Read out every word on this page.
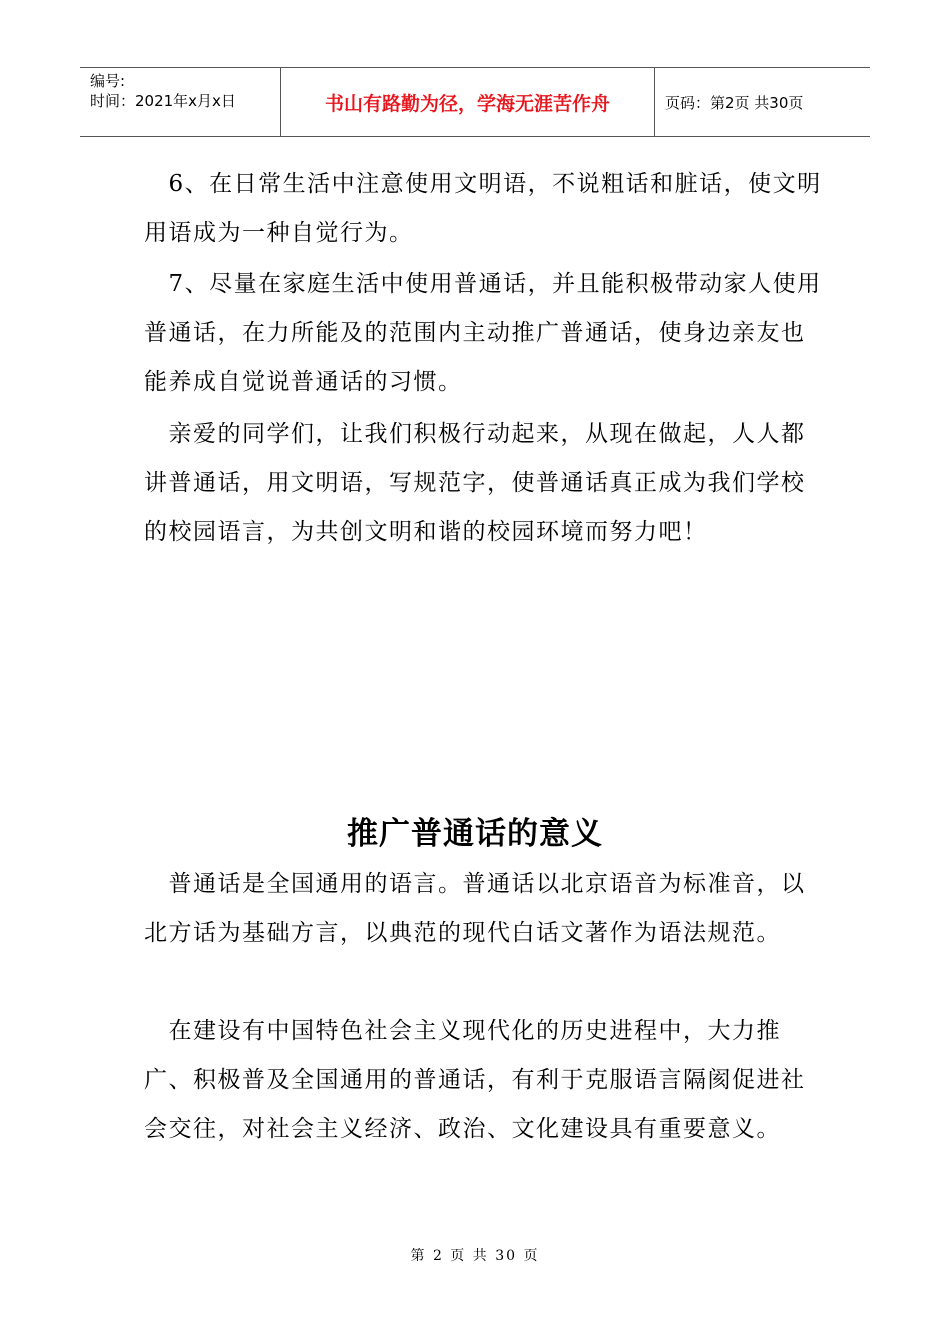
编号:
时间：2021年x月x日	书山有路勤为径，学海无涯苦作舟	页码：第2页 共30页

　6、在日常生活中注意使用文明语，不说粗话和脏话，使文明用语成为一种自觉行为。

　7、尽量在家庭生活中使用普通话，并且能积极带动家人使用普通话，在力所能及的范围内主动推广普通话，使身边亲友也能养成自觉说普通话的习惯。

　亲爱的同学们，让我们积极行动起来，从现在做起，人人都讲普通话，用文明语，写规范字，使普通话真正成为我们学校的校园语言，为共创文明和谐的校园环境而努力吧！

推广普通话的意义

　普通话是全国通用的语言。普通话以北京语音为标准音，以北方话为基础方言，以典范的现代白话文著作为语法规范。

　在建设有中国特色社会主义现代化的历史进程中，大力推广、积极普及全国通用的普通话，有利于克服语言隔阂促进社会交往，对社会主义经济、政治、文化建设具有重要意义。

第 2 页 共 30 页
